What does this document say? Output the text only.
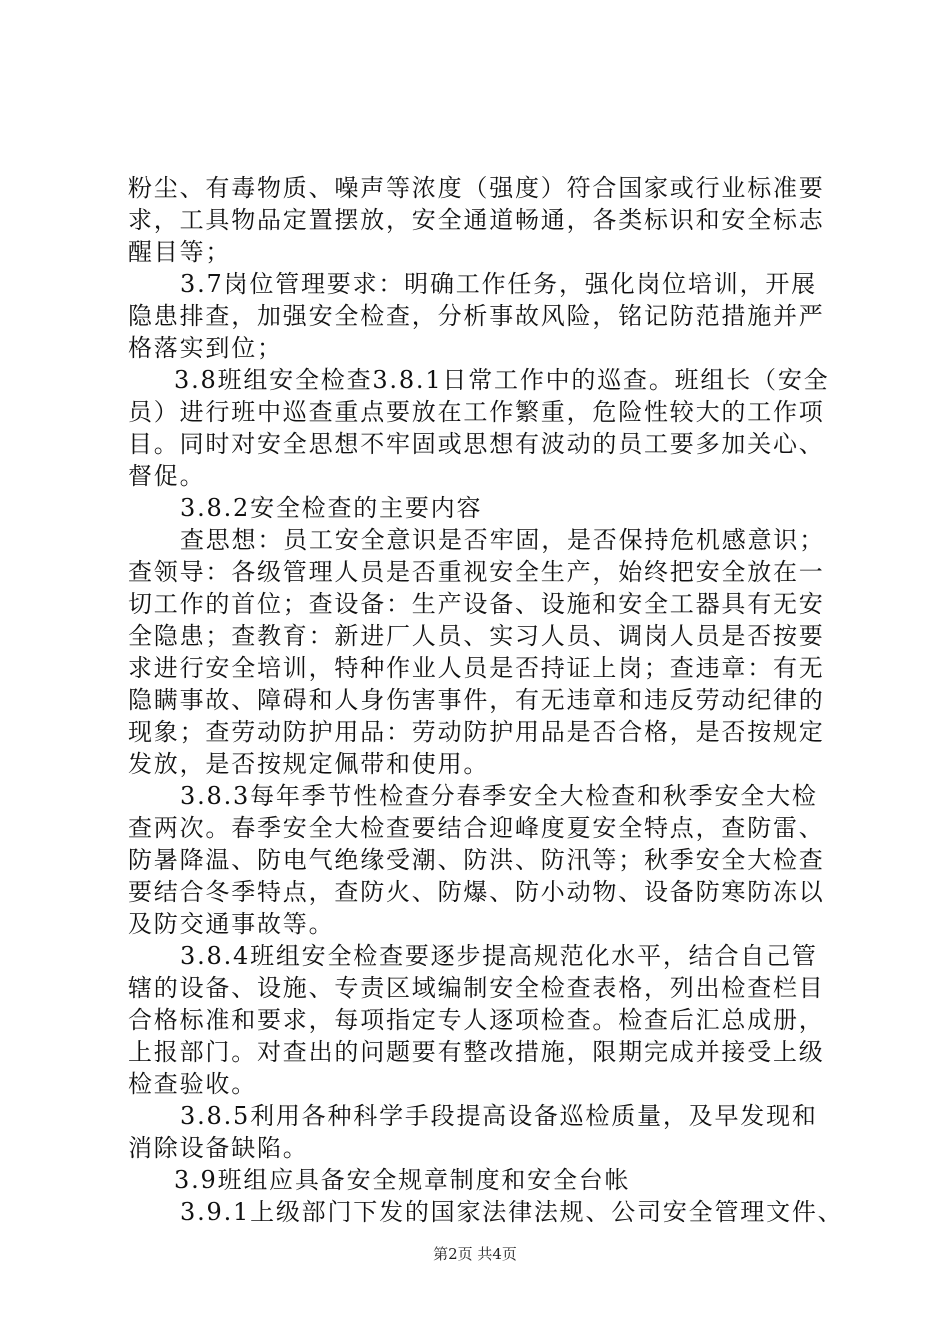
粉尘、有毒物质、噪声等浓度（强度）符合国家或行业标准要
求，工具物品定置摆放，安全通道畅通，各类标识和安全标志
醒目等；
3.7岗位管理要求：明确工作任务，强化岗位培训，开展
隐患排查，加强安全检查，分析事故风险，铭记防范措施并严
格落实到位；
3.8班组安全检查3.8.1日常工作中的巡查。班组长（安全
员）进行班中巡查重点要放在工作繁重，危险性较大的工作项
目。同时对安全思想不牢固或思想有波动的员工要多加关心、
督促。
3.8.2安全检查的主要内容
查思想：员工安全意识是否牢固，是否保持危机感意识；
查领导：各级管理人员是否重视安全生产，始终把安全放在一
切工作的首位；查设备：生产设备、设施和安全工器具有无安
全隐患；查教育：新进厂人员、实习人员、调岗人员是否按要
求进行安全培训，特种作业人员是否持证上岗；查违章：有无
隐瞒事故、障碍和人身伤害事件，有无违章和违反劳动纪律的
现象；查劳动防护用品：劳动防护用品是否合格，是否按规定
发放，是否按规定佩带和使用。
3.8.3每年季节性检查分春季安全大检查和秋季安全大检
查两次。春季安全大检查要结合迎峰度夏安全特点，查防雷、
防暑降温、防电气绝缘受潮、防洪、防汛等；秋季安全大检查
要结合冬季特点，查防火、防爆、防小动物、设备防寒防冻以
及防交通事故等。
3.8.4班组安全检查要逐步提高规范化水平，结合自己管
辖的设备、设施、专责区域编制安全检查表格，列出检查栏目
合格标准和要求，每项指定专人逐项检查。检查后汇总成册，
上报部门。对查出的问题要有整改措施，限期完成并接受上级
检查验收。
3.8.5利用各种科学手段提高设备巡检质量，及早发现和
消除设备缺陷。
3.9班组应具备安全规章制度和安全台帐
3.9.1上级部门下发的国家法律法规、公司安全管理文件、
第2页 共4页
